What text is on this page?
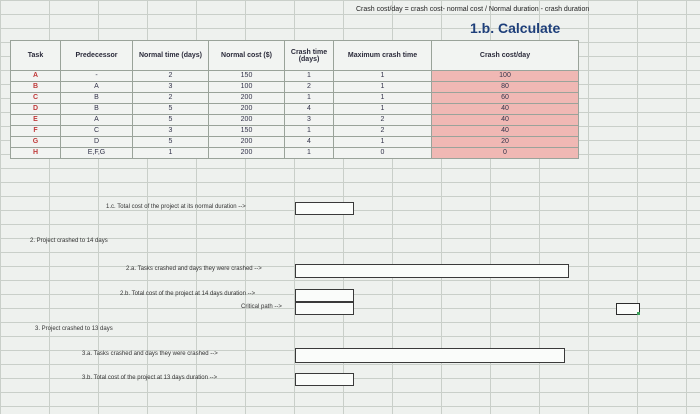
Crash cost/day = crash cost- normal cost / Normal duration - crash duration
1.b. Calculate
Task	Predecessor	Normal time (days)	Normal cost ($)	Crash time (days)	Maximum crash time	Crash cost/day
A	-	2	150	1	1	100
B	A	3	100	2	1	80
C	B	2	200	1	1	60
D	B	5	200	4	1	40
E	A	5	200	3	2	40
F	C	3	150	1	2	40
G	D	5	200	4	1	20
H	E,F,G	1	200	1	0	0
1.c. Total cost of the project at its normal duration -->
2. Project crashed to 14 days
2.a. Tasks crashed and days they were crashed -->
2.b. Total cost of the project at 14 days duration -->
Critical path -->
3. Project crashed to 13 days
3.a. Tasks crashed and days they were crashed -->
3.b. Total cost of the project at 13 days duration -->
